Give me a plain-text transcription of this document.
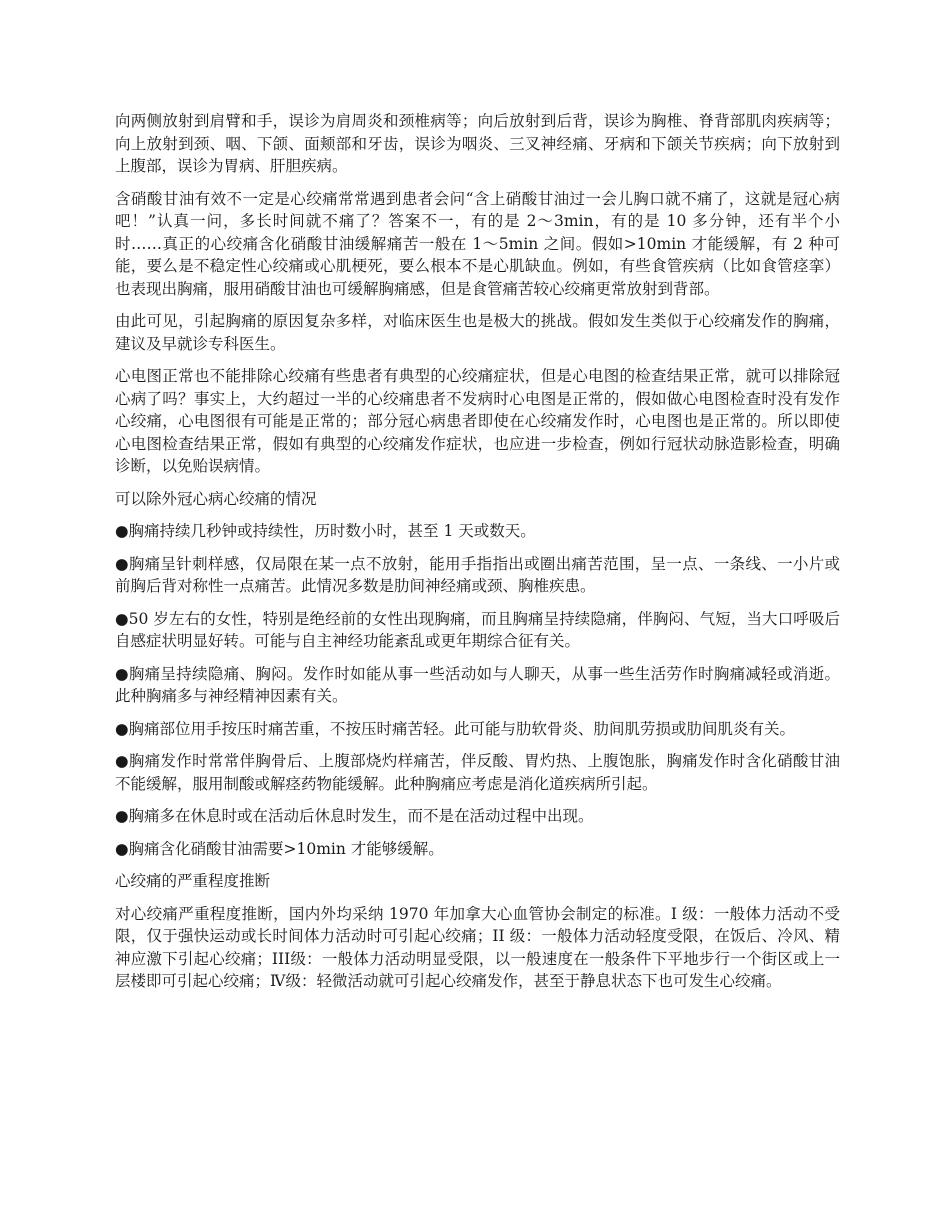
向两侧放射到肩臂和手，误诊为肩周炎和颈椎病等；向后放射到后背，误诊为胸椎、脊背部肌肉疾病等；向上放射到颈、咽、下颌、面颊部和牙齿，误诊为咽炎、三叉神经痛、牙病和下颌关节疾病；向下放射到上腹部，误诊为胃病、肝胆疾病。

含硝酸甘油有效不一定是心绞痛常常遇到患者会问“含上硝酸甘油过一会儿胸口就不痛了，这就是冠心病吧！”认真一问，多长时间就不痛了？答案不一，有的是 2～3min，有的是 10 多分钟，还有半个小时……真正的心绞痛含化硝酸甘油缓解痛苦一般在 1～5min 之间。假如>10min 才能缓解，有 2 种可能，要么是不稳定性心绞痛或心肌梗死，要么根本不是心肌缺血。例如，有些食管疾病（比如食管痉挛）也表现出胸痛，服用硝酸甘油也可缓解胸痛感，但是食管痛苦较心绞痛更常放射到背部。

由此可见，引起胸痛的原因复杂多样，对临床医生也是极大的挑战。假如发生类似于心绞痛发作的胸痛，建议及早就诊专科医生。

心电图正常也不能排除心绞痛有些患者有典型的心绞痛症状，但是心电图的检查结果正常，就可以排除冠心病了吗？事实上，大约超过一半的心绞痛患者不发病时心电图是正常的，假如做心电图检查时没有发作心绞痛，心电图很有可能是正常的；部分冠心病患者即使在心绞痛发作时，心电图也是正常的。所以即使心电图检查结果正常，假如有典型的心绞痛发作症状，也应进一步检查，例如行冠状动脉造影检查，明确诊断，以免贻误病情。

可以除外冠心病心绞痛的情况

●胸痛持续几秒钟或持续性，历时数小时，甚至 1 天或数天。

●胸痛呈针刺样感，仅局限在某一点不放射，能用手指指出或圈出痛苦范围，呈一点、一条线、一小片或前胸后背对称性一点痛苦。此情况多数是肋间神经痛或颈、胸椎疾患。

●50 岁左右的女性，特别是绝经前的女性出现胸痛，而且胸痛呈持续隐痛，伴胸闷、气短，当大口呼吸后自感症状明显好转。可能与自主神经功能紊乱或更年期综合征有关。

●胸痛呈持续隐痛、胸闷。发作时如能从事一些活动如与人聊天，从事一些生活劳作时胸痛减轻或消逝。此种胸痛多与神经精神因素有关。

●胸痛部位用手按压时痛苦重，不按压时痛苦轻。此可能与肋软骨炎、肋间肌劳损或肋间肌炎有关。

●胸痛发作时常常伴胸骨后、上腹部烧灼样痛苦，伴反酸、胃灼热、上腹饱胀，胸痛发作时含化硝酸甘油不能缓解，服用制酸或解痉药物能缓解。此种胸痛应考虑是消化道疾病所引起。

●胸痛多在休息时或在活动后休息时发生，而不是在活动过程中出现。

●胸痛含化硝酸甘油需要>10min 才能够缓解。

心绞痛的严重程度推断

对心绞痛严重程度推断，国内外均采纳 1970 年加拿大心血管协会制定的标准。I 级：一般体力活动不受限，仅于强快运动或长时间体力活动时可引起心绞痛；II 级：一般体力活动轻度受限，在饭后、冷风、精神应激下引起心绞痛；III级：一般体力活动明显受限，以一般速度在一般条件下平地步行一个街区或上一层楼即可引起心绞痛；Ⅳ级：轻微活动就可引起心绞痛发作，甚至于静息状态下也可发生心绞痛。
